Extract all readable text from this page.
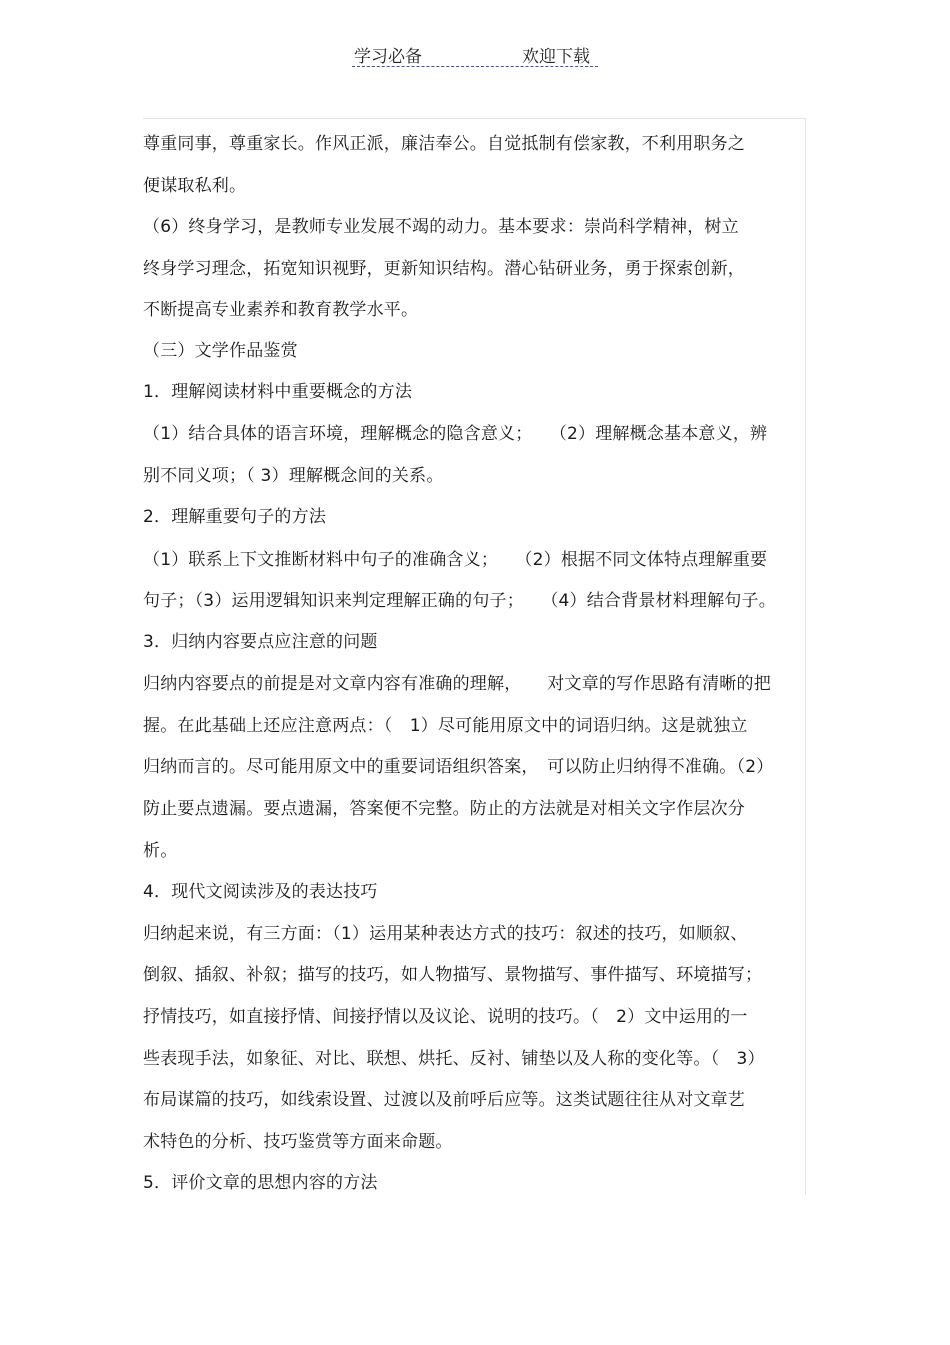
学习必备	欢迎下载
尊重同事，尊重家长。作风正派，廉洁奉公。自觉抵制有偿家教，不利用职务之
便谋取私利。
（6）终身学习，是教师专业发展不竭的动力。基本要求：崇尚科学精神，树立
终身学习理念，拓宽知识视野，更新知识结构。潜心钻研业务，勇于探索创新，
不断提高专业素养和教育教学水平。
（三）文学作品鉴赏
1．理解阅读材料中重要概念的方法
（1）结合具体的语言环境，理解概念的隐含意义；　　（2）理解概念基本意义，辨
别不同义项；（ 3）理解概念间的关系。
2．理解重要句子的方法
（1）联系上下文推断材料中句子的准确含义；　　（2）根据不同文体特点理解重要
句子；（3）运用逻辑知识来判定理解正确的句子；　　（4）结合背景材料理解句子。
3．归纳内容要点应注意的问题
归纳内容要点的前提是对文章内容有准确的理解，　　对文章的写作思路有清晰的把
握。在此基础上还应注意两点：（　1）尽可能用原文中的词语归纳。这是就独立
归纳而言的。尽可能用原文中的重要词语组织答案，　可以防止归纳得不准确。（2）
防止要点遗漏。要点遗漏，答案便不完整。防止的方法就是对相关文字作层次分
析。
4．现代文阅读涉及的表达技巧
归纳起来说，有三方面：（1）运用某种表达方式的技巧：叙述的技巧，如顺叙、
倒叙、插叙、补叙；描写的技巧，如人物描写、景物描写、事件描写、环境描写；
抒情技巧，如直接抒情、间接抒情以及议论、说明的技巧。（　2）文中运用的一
些表现手法，如象征、对比、联想、烘托、反衬、铺垫以及人称的变化等。（　3）
布局谋篇的技巧，如线索设置、过渡以及前呼后应等。这类试题往往从对文章艺
术特色的分析、技巧鉴赏等方面来命题。
5．评价文章的思想内容的方法
